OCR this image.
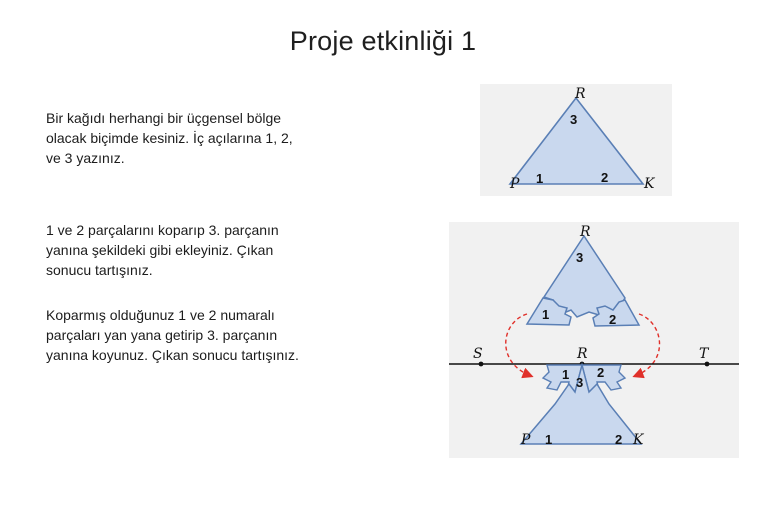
Proje etkinliği 1
Bir kağıdı herhangi bir üçgensel bölge olacak biçimde kesiniz. İç açılarına 1, 2, ve 3 yazınız.
1 ve 2 parçalarını koparıp 3. parçanın yanına şekildeki gibi ekleyiniz. Çıkan sonucu tartışınız.
Koparmış olduğunuz 1 ve 2 numaralı parçaları yan yana getirip 3. parçanın yanına koyunuz. Çıkan sonucu tartışınız.
R
P	K
3
1	2
R
3
1	2
S	R	T
1 2
3
P	K
1	2
